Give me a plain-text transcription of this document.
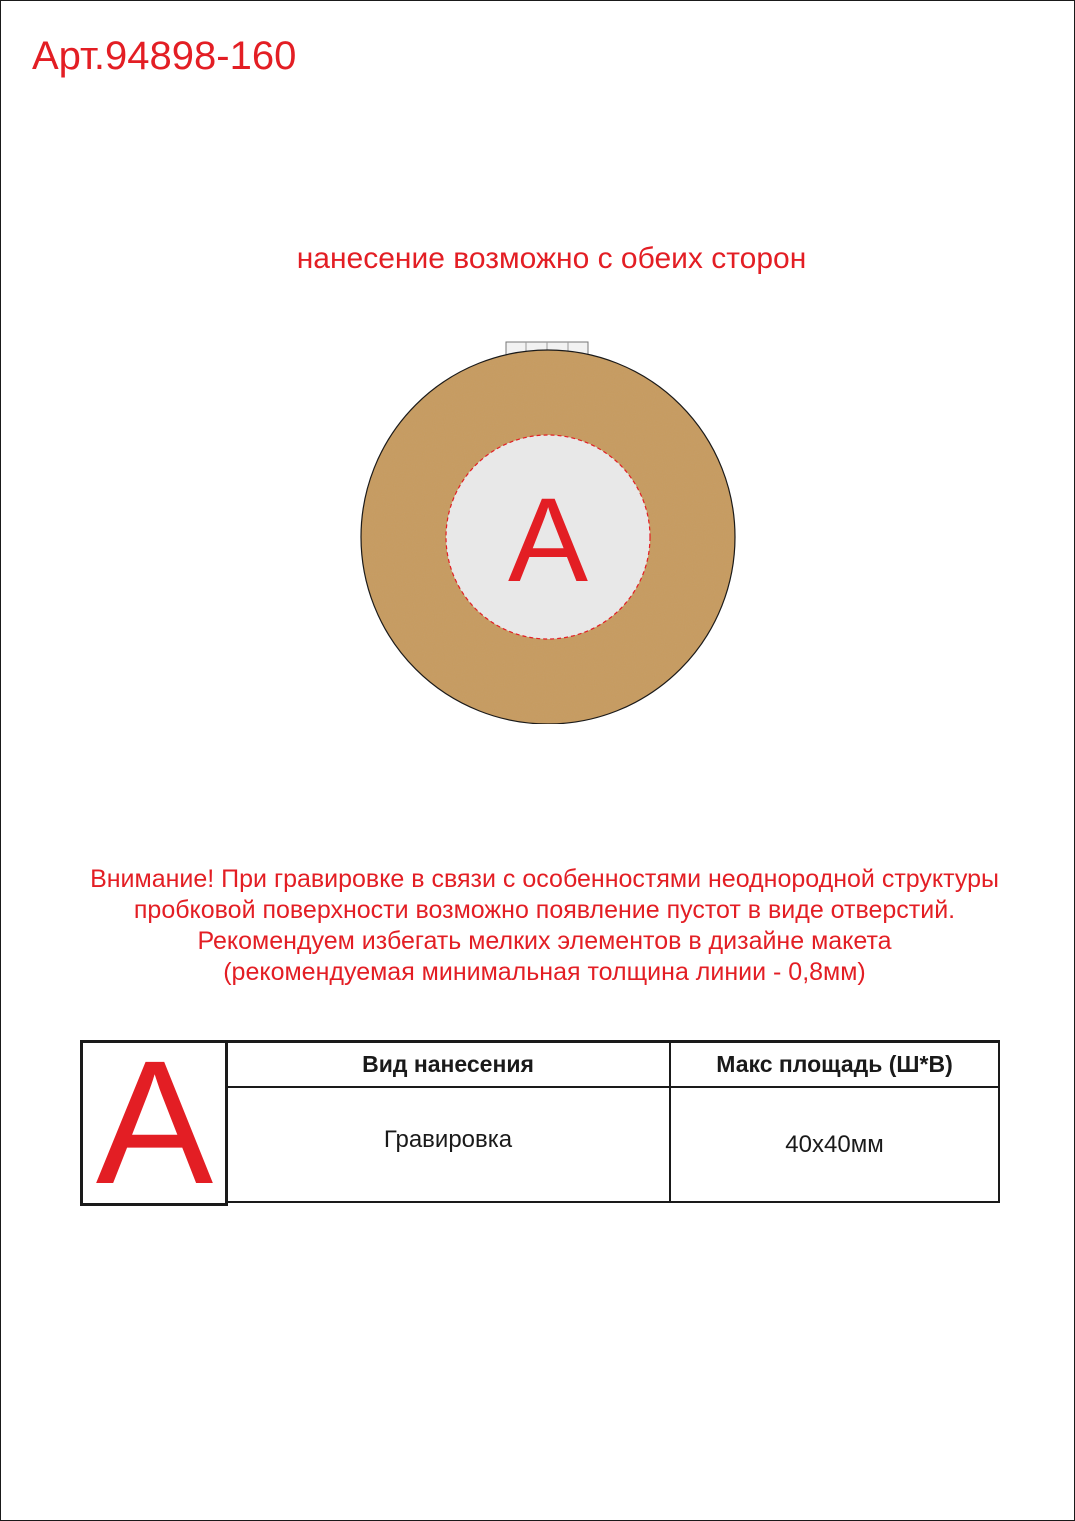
Арт.94898-160
нанесение возможно с обеих сторон
A
Внимание! При гравировке в связи с особенностями неоднородной структуры
пробковой поверхности возможно появление пустот в виде отверстий.
Рекомендуем избегать мелких элементов в дизайне макета
(рекомендуемая минимальная толщина линии - 0,8мм)
A	Вид нанесения	Макс площадь (Ш*В)
Гравировка	40х40мм
